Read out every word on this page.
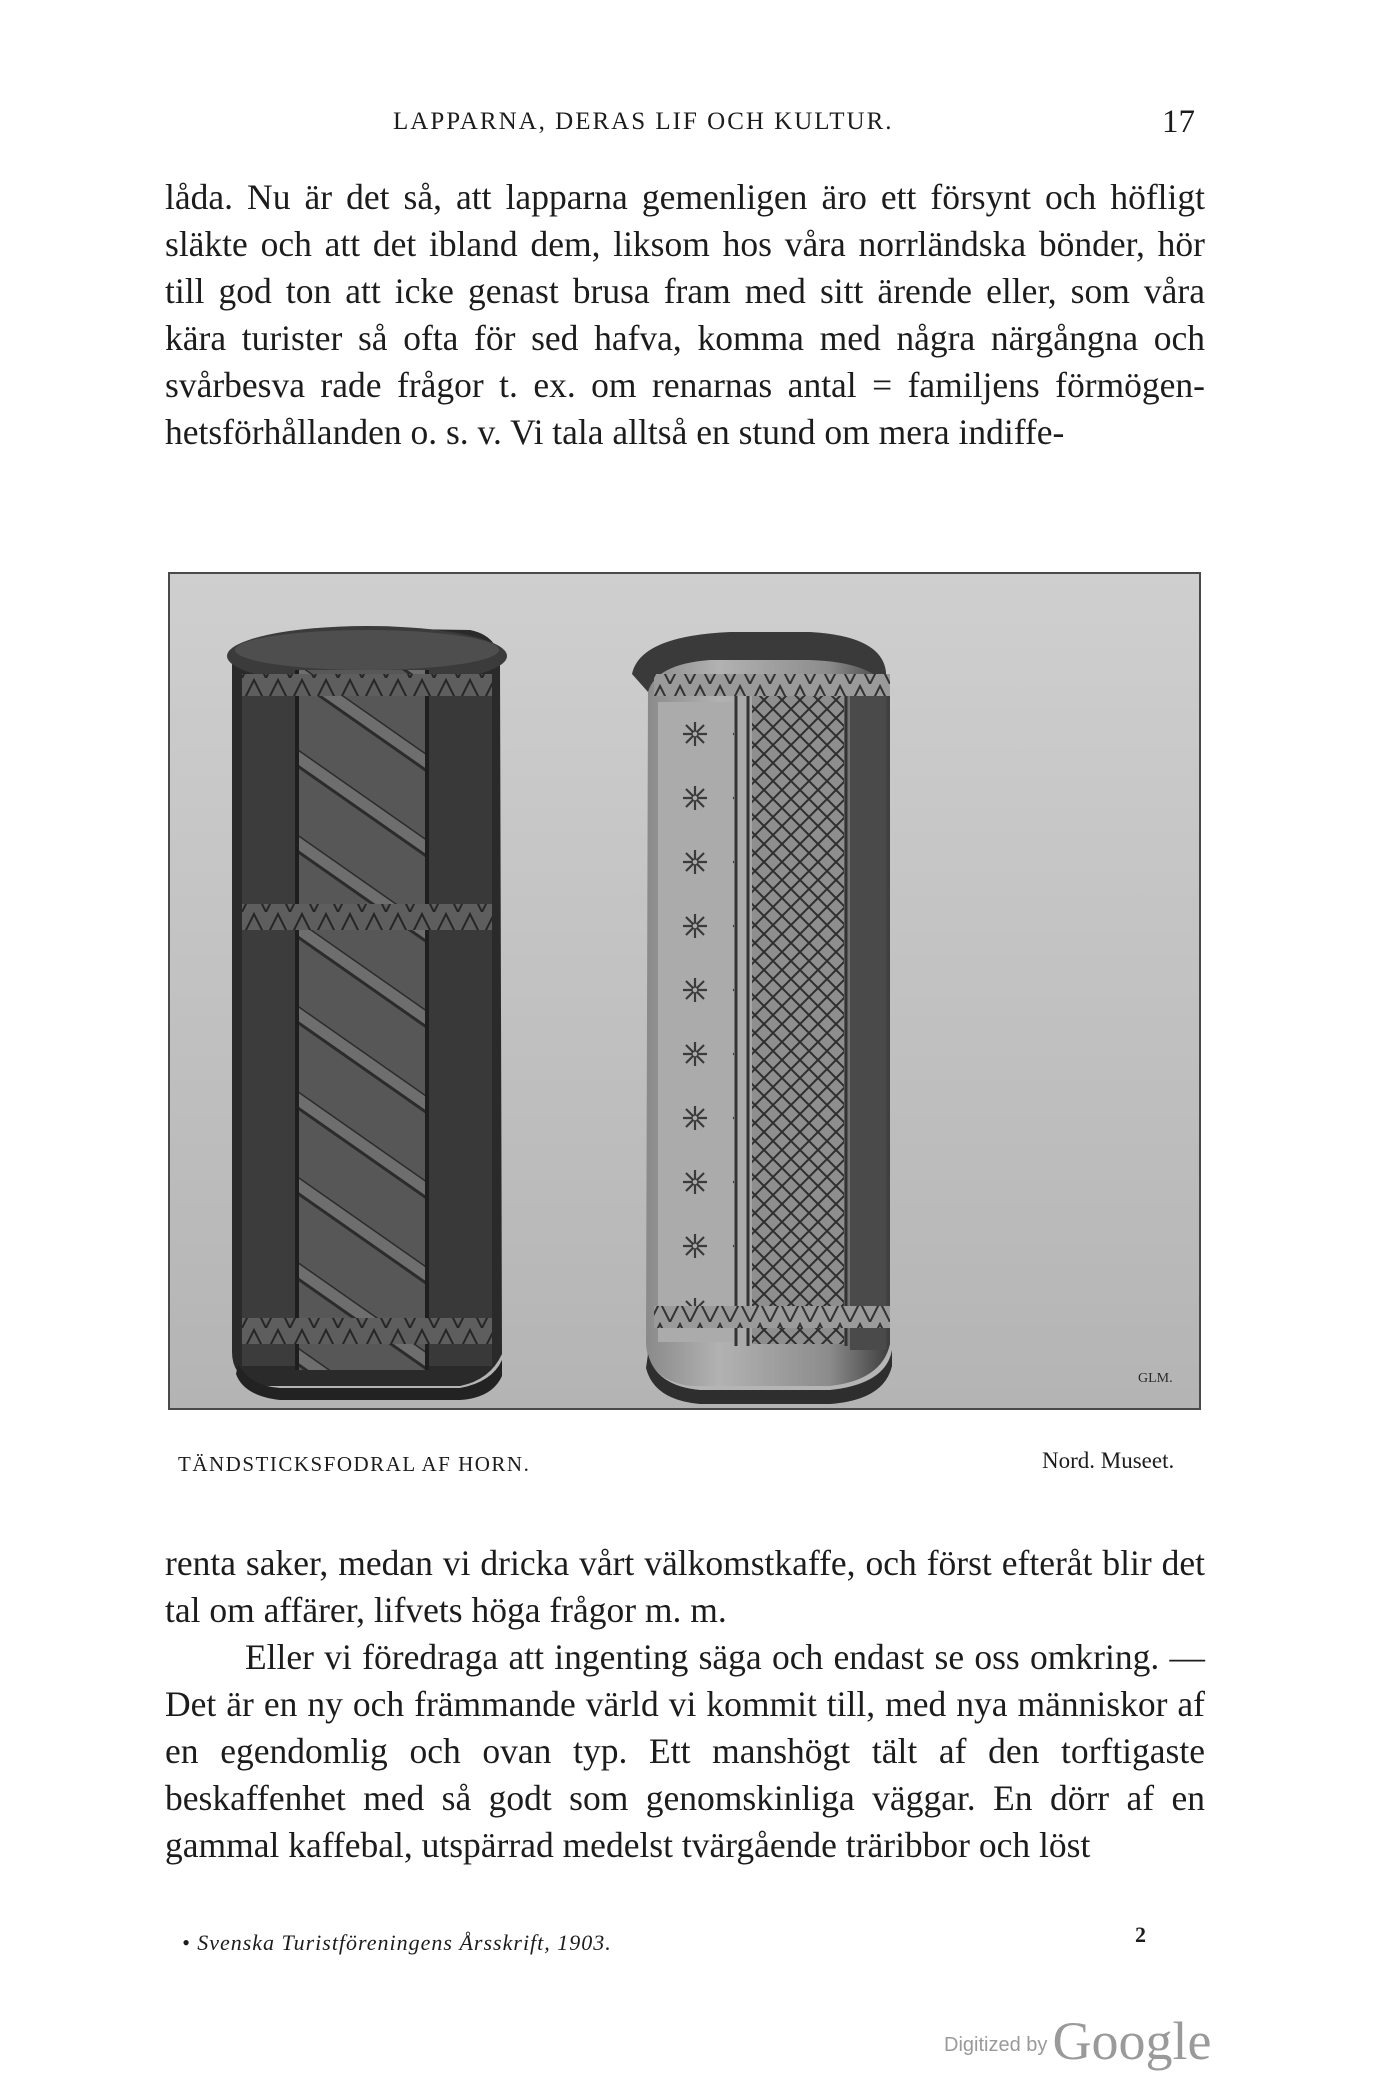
LAPPARNA, DERAS LIF OCH KULTUR.	17

låda. Nu är det så, att lapparna gemenligen äro ett försynt och höfligt släkte och att det ibland dem, liksom hos våra norrländska bönder, hör till god ton att icke genast brusa fram med sitt ärende eller, som våra kära turister så ofta för sed hafva, komma med några närgångna och svårbesva rade frågor t. ex. om renarnas antal = familjens förmögen-hetsförhållanden o. s. v. Vi tala alltså en stund om mera indiffe-

GLM.
TÄNDSTICKSFODRAL AF HORN.	Nord. Museet.

renta saker, medan vi dricka vårt välkomstkaffe, och först efteråt blir det tal om affärer, lifvets höga frågor m. m.

Eller vi föredraga att ingenting säga och endast se oss omkring. — Det är en ny och främmande värld vi kommit till, med nya människor af en egendomlig och ovan typ. Ett manshögt tält af den torftigaste beskaffenhet med så godt som genomskinliga väggar. En dörr af en gammal kaffebal, utspärrad medelst tvärgående träribbor och löst

• Svenska Turistföreningens Årsskrift, 1903.	2
Digitized by Google
